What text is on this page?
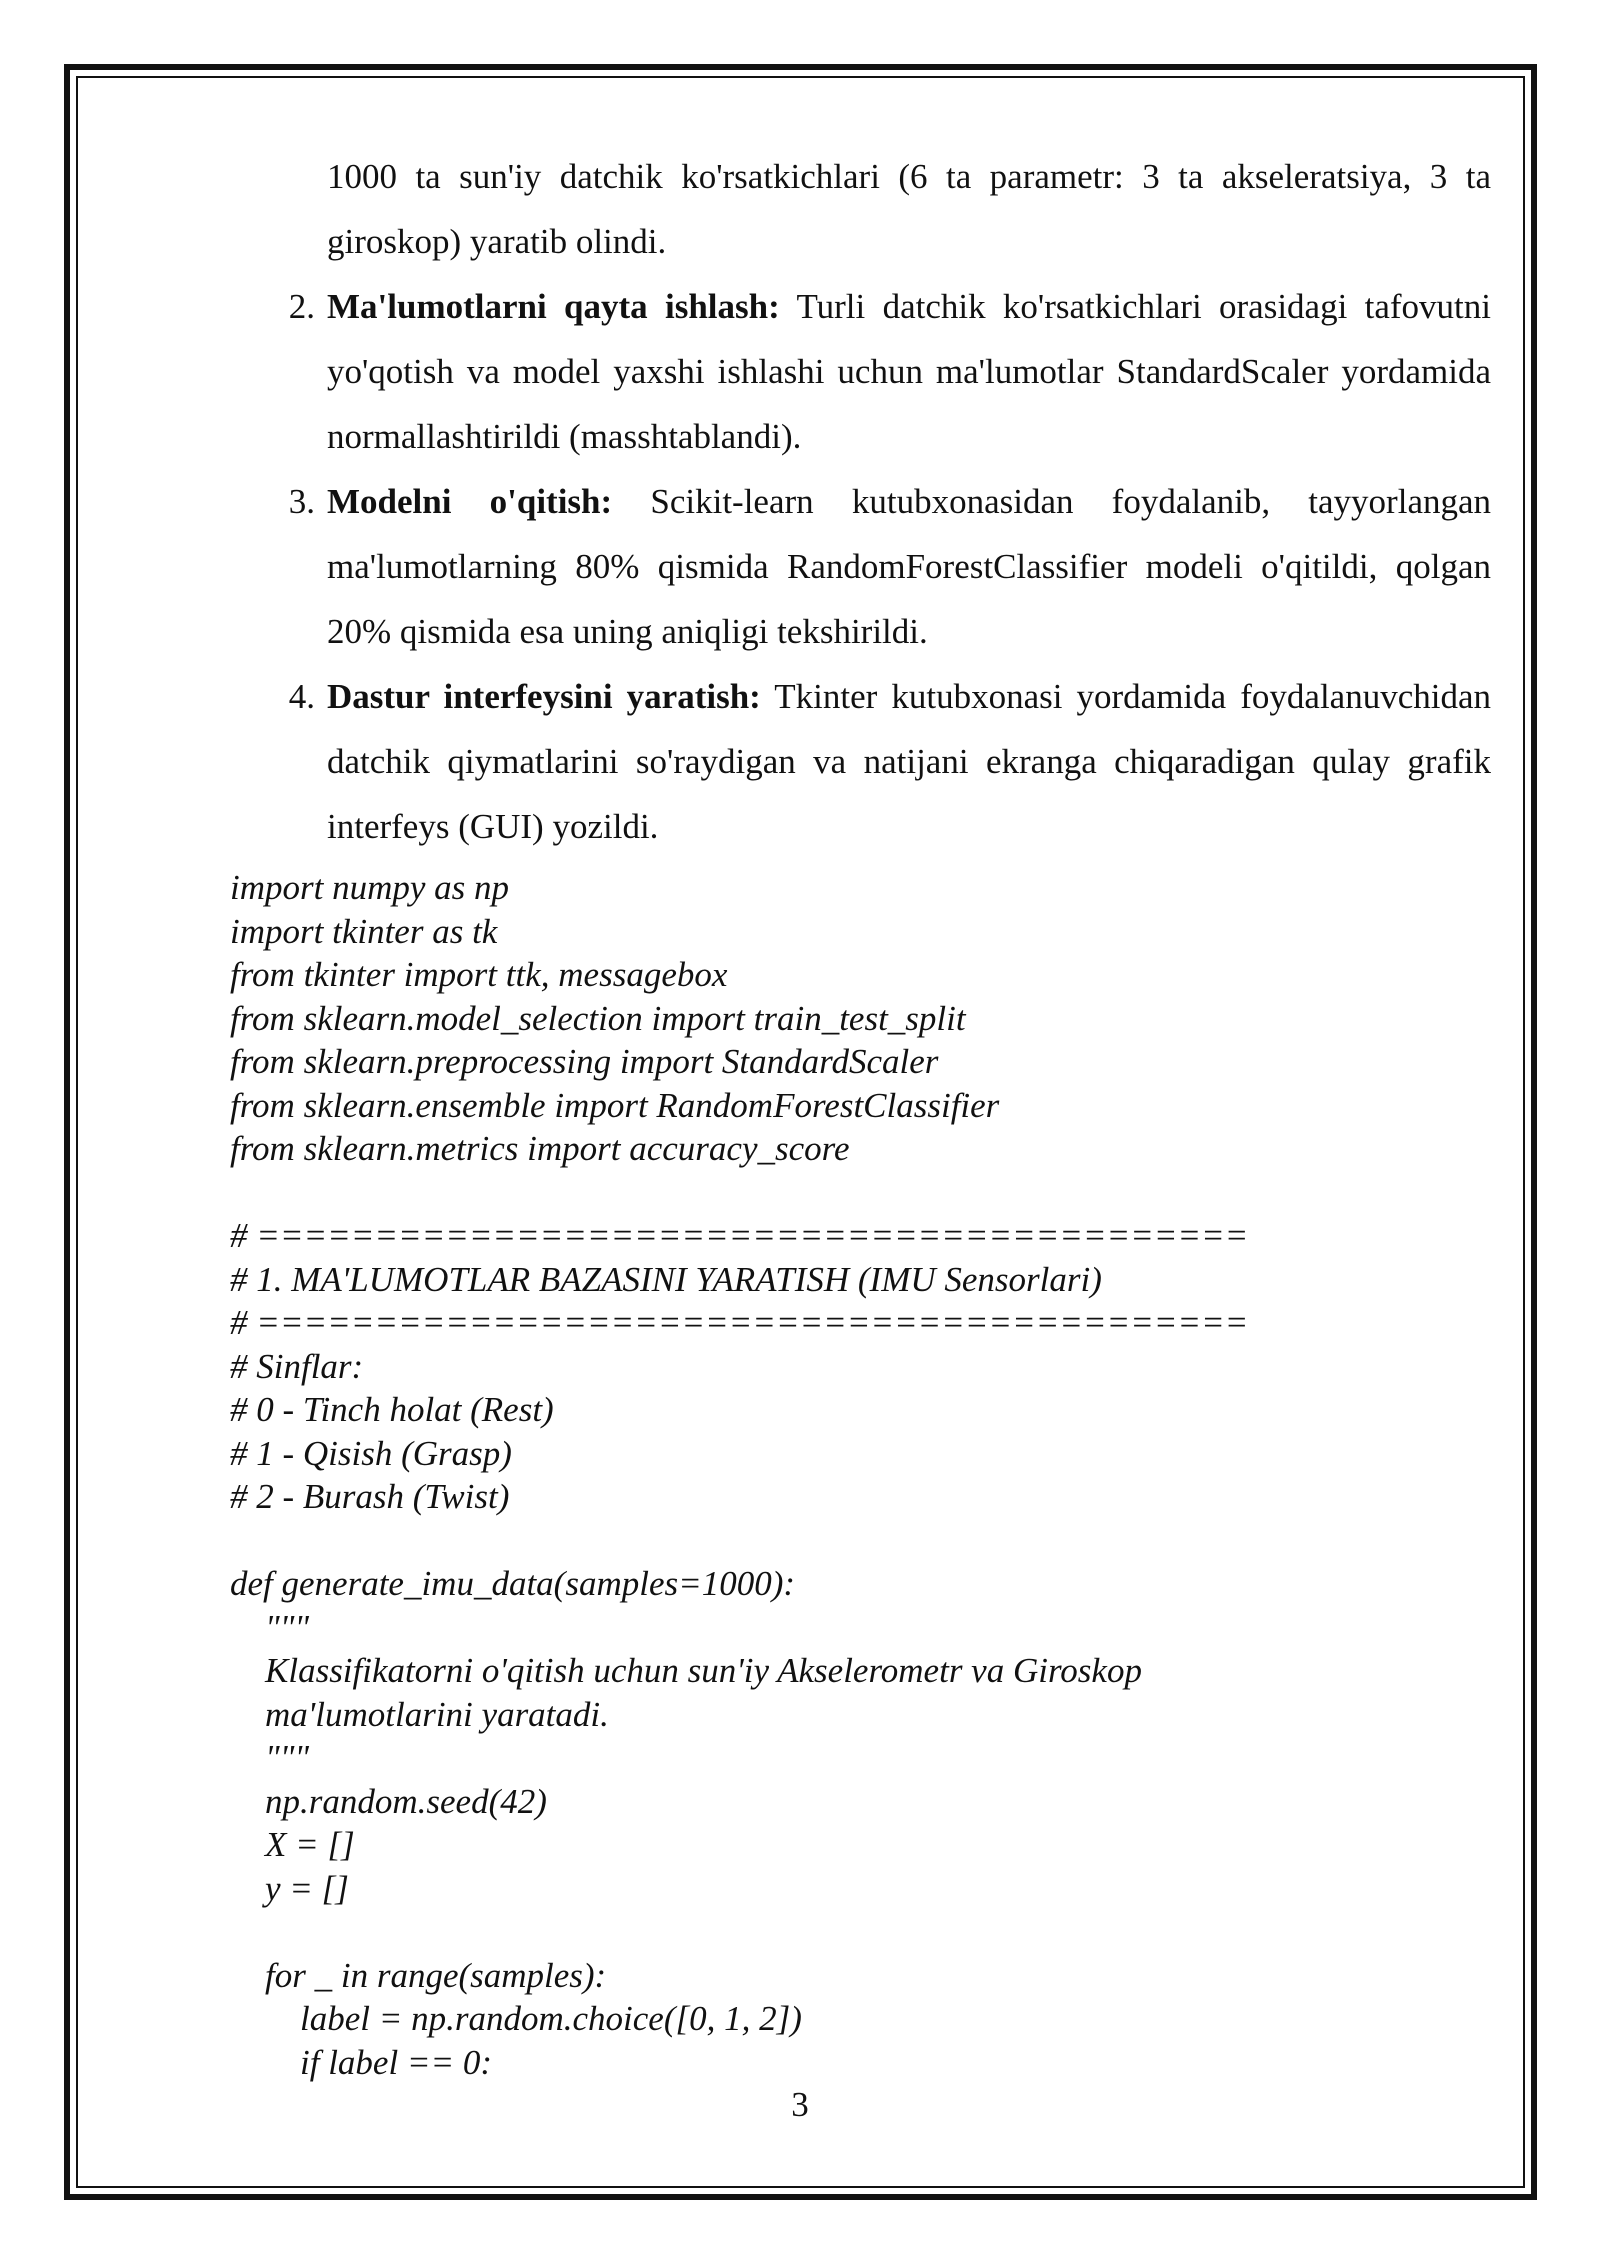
1000 ta sun'iy datchik ko'rsatkichlari (6 ta parametr: 3 ta akseleratsiya, 3 ta giroskop) yaratib olindi.

2. Ma'lumotlarni qayta ishlash: Turli datchik ko'rsatkichlari orasidagi tafovutni yo'qotish va model yaxshi ishlashi uchun ma'lumotlar StandardScaler yordamida normallashtirildi (masshtablandi).

3. Modelni o'qitish: Scikit-learn kutubxonasidan foydalanib, tayyorlangan ma'lumotlarning 80% qismida RandomForestClassifier modeli o'qitildi, qolgan 20% qismida esa uning aniqligi tekshirildi.

4. Dastur interfeysini yaratish: Tkinter kutubxonasi yordamida foydalanuvchidan datchik qiymatlarini so'raydigan va natijani ekranga chiqaradigan qulay grafik interfeys (GUI) yozildi.

import numpy as np
import tkinter as tk
from tkinter import ttk, messagebox
from sklearn.model_selection import train_test_split
from sklearn.preprocessing import StandardScaler
from sklearn.ensemble import RandomForestClassifier
from sklearn.metrics import accuracy_score
# ==========================================
# 1. MA'LUMOTLAR BAZASINI YARATISH (IMU Sensorlari)
# ==========================================
# Sinflar:
# 0 - Tinch holat (Rest)
# 1 - Qisish (Grasp)
# 2 - Burash (Twist)
def generate_imu_data(samples=1000):
"""
Klassifikatorni o'qitish uchun sun'iy Akselerometr va Giroskop
ma'lumotlarini yaratadi.
"""
np.random.seed(42)
X = []
y = []
for _ in range(samples):
label = np.random.choice([0, 1, 2])
if label == 0:
3
